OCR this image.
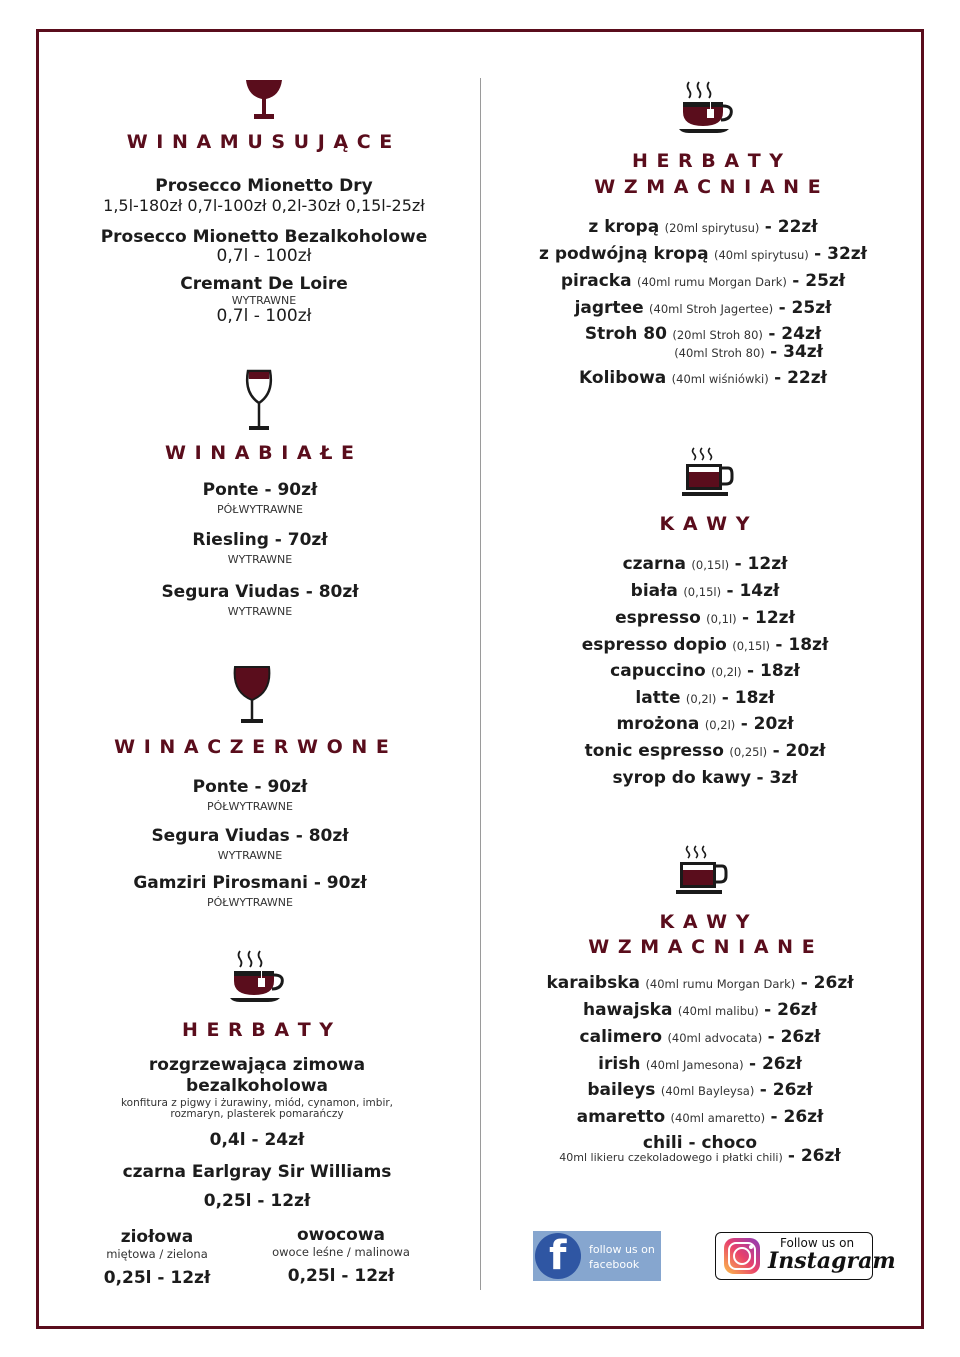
W I N A M U S U J Ą C E
Prosecco Mionetto Dry
1,5l-180zł 0,7l-100zł 0,2l-30zł 0,15l-25zł
Prosecco Mionetto Bezalkoholowe
0,7l - 100zł
Cremant De Loire
WYTRAWNE
0,7l - 100zł
W I N A B I A Ł E
Ponte - 90zł
PÓŁWYTRAWNE
Riesling - 70zł
WYTRAWNE
Segura Viudas - 80zł
WYTRAWNE
W I N A C Z E R W O N E
Ponte - 90zł
PÓŁWYTRAWNE
Segura Viudas - 80zł
WYTRAWNE
Gamziri Pirosmani - 90zł
PÓŁWYTRAWNE
H E R B A T Y
rozgrzewająca zimowa
bezalkoholowa
konfitura z pigwy i żurawiny, miód, cynamon, imbir,
rozmaryn, plasterek pomarańczy
0,4l - 24zł
czarna Earlgray Sir Williams
0,25l - 12zł
ziołowa
miętowa / zielona
0,25l - 12zł
owocowa
owoce leśne / malinowa
0,25l - 12zł
H E R B A T Y
W Z M A C N I A N E
z kropą (20ml spirytusu) - 22zł
z podwójną kropą (40ml spirytusu) - 32zł
piracka (40ml rumu Morgan Dark) - 25zł
jagrtee (40ml Stroh Jagertee) - 25zł
Stroh 80 (20ml Stroh 80) - 24zł
(40ml Stroh 80) - 34zł
Kolibowa (40ml wiśniówki) - 22zł
K A W Y
czarna (0,15l) - 12zł
biała (0,15l) - 14zł
espresso (0,1l) - 12zł
espresso dopio (0,15l) - 18zł
capuccino (0,2l) - 18zł
latte (0,2l) - 18zł
mrożona (0,2l) - 20zł
tonic espresso (0,25l) - 20zł
syrop do kawy - 3zł
K A W Y
W Z M A C N I A N E
karaibska (40ml rumu Morgan Dark) - 26zł
hawajska (40ml malibu) - 26zł
calimero (40ml advocata) - 26zł
irish (40ml Jamesona) - 26zł
baileys (40ml Bayleysa) - 26zł
amaretto (40ml amaretto) - 26zł
chili - choco
40ml likieru czekoladowego i płatki chili) - 26zł
f follow us on
facebook
Follow us on
Instagram
